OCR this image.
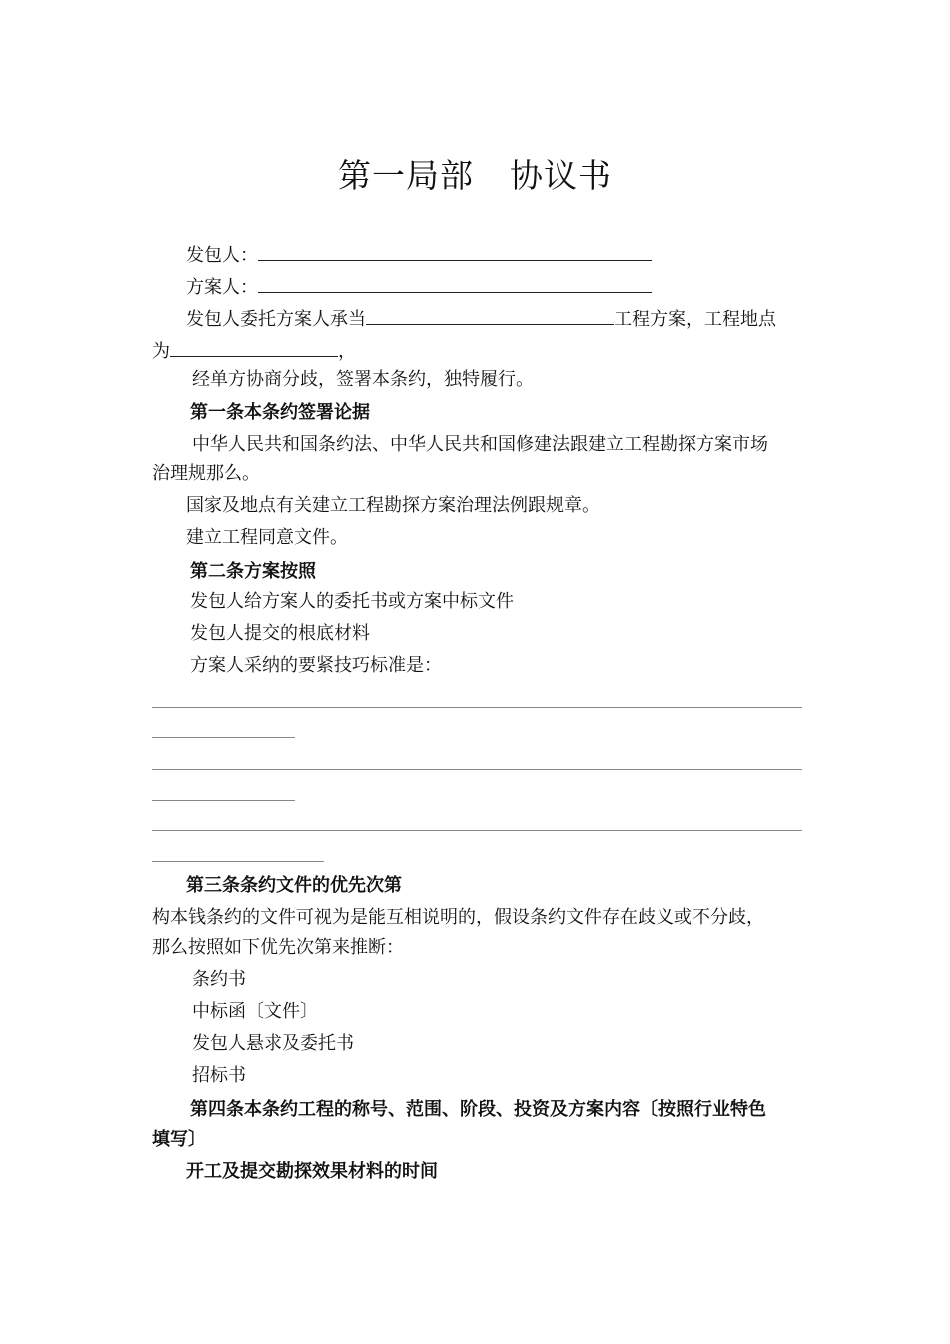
第一局部 协议书
发包人：
方案人：
发包人委托方案人承当	工程方案，工程地点
为	，
经单方协商分歧，签署本条约，独特履行。
第一条本条约签署论据
中华人民共和国条约法、中华人民共和国修建法跟建立工程勘探方案市场
治理规那么。
国家及地点有关建立工程勘探方案治理法例跟规章。
建立工程同意文件。
第二条方案按照
发包人给方案人的委托书或方案中标文件
发包人提交的根底材料
方案人采纳的要紧技巧标准是：
第三条条约文件的优先次第
构本钱条约的文件可视为是能互相说明的，假设条约文件存在歧义或不分歧，
那么按照如下优先次第来推断：
条约书
中标函〔文件〕
发包人悬求及委托书
招标书
第四条本条约工程的称号、范围、阶段、投资及方案内容〔按照行业特色
填写〕
开工及提交勘探效果材料的时间
